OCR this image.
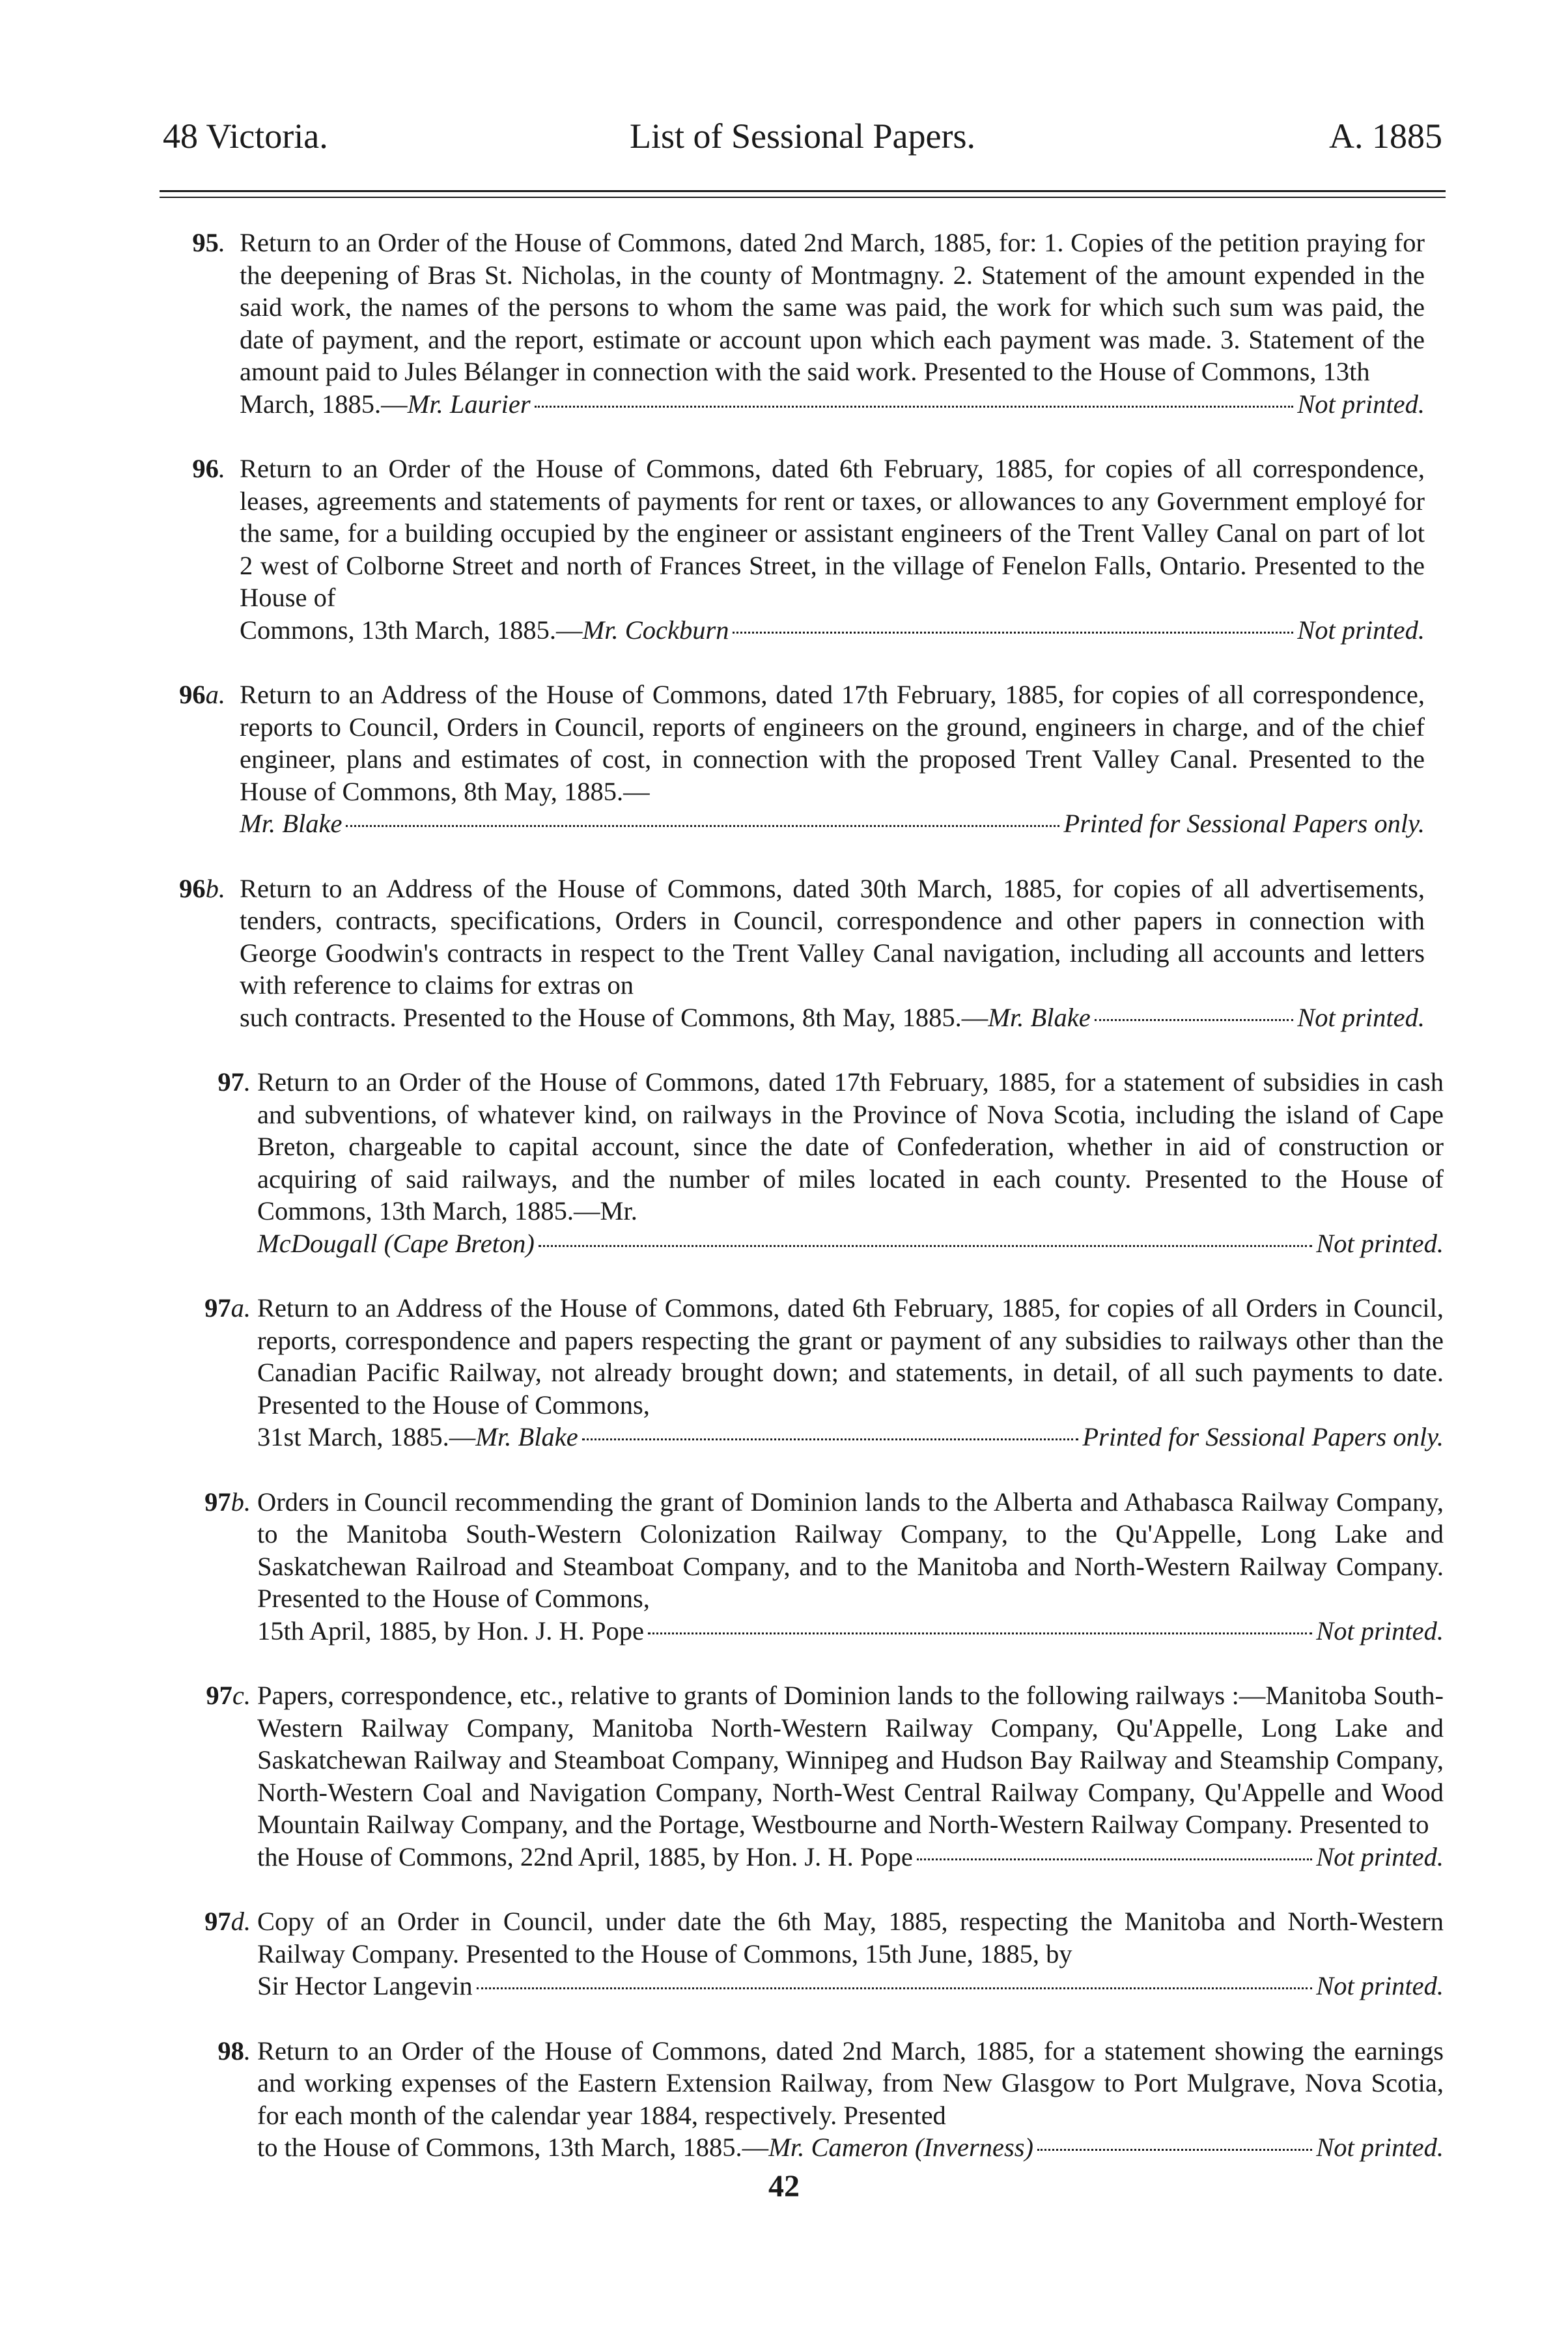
48 Victoria.	List of Sessional Papers.	A. 1885
95. Return to an Order of the House of Commons, dated 2nd March, 1885, for: 1. Copies of the petition praying for the deepening of Bras St. Nicholas, in the county of Montmagny. 2. Statement of the amount expended in the said work, the names of the persons to whom the same was paid, the work for which such sum was paid, the date of payment, and the report, estimate or account upon which each payment was made. 3. Statement of the amount paid to Jules Bélanger in connection with the said work. Presented to the House of Commons, 13th
March, 1885.—Mr. Laurier	Not printed.
96. Return to an Order of the House of Commons, dated 6th February, 1885, for copies of all correspondence, leases, agreements and statements of payments for rent or taxes, or allowances to any Government employé for the same, for a building occupied by the engineer or assistant engineers of the Trent Valley Canal on part of lot 2 west of Colborne Street and north of Frances Street, in the village of Fenelon Falls, Ontario. Presented to the House of
Commons, 13th March, 1885.—Mr. Cockburn	Not printed.
96a. Return to an Address of the House of Commons, dated 17th February, 1885, for copies of all correspondence, reports to Council, Orders in Council, reports of engineers on the ground, engineers in charge, and of the chief engineer, plans and estimates of cost, in connection with the proposed Trent Valley Canal. Presented to the House of Commons, 8th May, 1885.—
Mr. Blake	Printed for Sessional Papers only.
96b. Return to an Address of the House of Commons, dated 30th March, 1885, for copies of all advertisements, tenders, contracts, specifications, Orders in Council, correspondence and other papers in connection with George Goodwin's contracts in respect to the Trent Valley Canal navigation, including all accounts and letters with reference to claims for extras on
such contracts. Presented to the House of Commons, 8th May, 1885.—Mr. Blake	Not printed.
97. Return to an Order of the House of Commons, dated 17th February, 1885, for a statement of subsidies in cash and subventions, of whatever kind, on railways in the Province of Nova Scotia, including the island of Cape Breton, chargeable to capital account, since the date of Confederation, whether in aid of construction or acquiring of said railways, and the number of miles located in each county. Presented to the House of Commons, 13th March, 1885.—Mr.
McDougall (Cape Breton)	Not printed.
97a. Return to an Address of the House of Commons, dated 6th February, 1885, for copies of all Orders in Council, reports, correspondence and papers respecting the grant or payment of any subsidies to railways other than the Canadian Pacific Railway, not already brought down; and statements, in detail, of all such payments to date. Presented to the House of Commons,
31st March, 1885.—Mr. Blake	Printed for Sessional Papers only.
97b. Orders in Council recommending the grant of Dominion lands to the Alberta and Athabasca Railway Company, to the Manitoba South-Western Colonization Railway Company, to the Qu'Appelle, Long Lake and Saskatchewan Railroad and Steamboat Company, and to the Manitoba and North-Western Railway Company. Presented to the House of Commons,
15th April, 1885, by Hon. J. H. Pope	Not printed.
97c. Papers, correspondence, etc., relative to grants of Dominion lands to the following railways :—Manitoba South-Western Railway Company, Manitoba North-Western Railway Company, Qu'Appelle, Long Lake and Saskatchewan Railway and Steamboat Company, Winnipeg and Hudson Bay Railway and Steamship Company, North-Western Coal and Navigation Company, North-West Central Railway Company, Qu'Appelle and Wood Mountain Railway Company, and the Portage, Westbourne and North-Western Railway Company. Presented to
the House of Commons, 22nd April, 1885, by Hon. J. H. Pope	Not printed.
97d. Copy of an Order in Council, under date the 6th May, 1885, respecting the Manitoba and North-Western Railway Company. Presented to the House of Commons, 15th June, 1885, by
Sir Hector Langevin	Not printed.
98. Return to an Order of the House of Commons, dated 2nd March, 1885, for a statement showing the earnings and working expenses of the Eastern Extension Railway, from New Glasgow to Port Mulgrave, Nova Scotia, for each month of the calendar year 1884, respectively. Presented
to the House of Commons, 13th March, 1885.—Mr. Cameron (Inverness)	Not printed.
42
